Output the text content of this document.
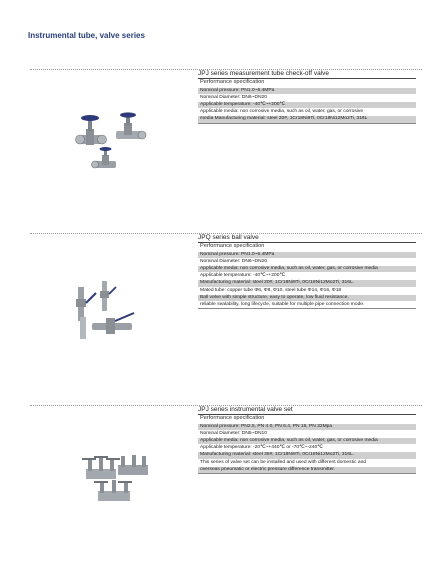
Instrumental tube, valve series
JPJ series measurement tube check-off valve
Performance specification
Nominal pressure: PN1.0~6.4MPa
Nominal Diameter: DN6~DN20
Applicable temperature: -40℃~+200℃
Applicable media: non corrosive media, such as oil, water, gas, or corrosive
media Manufacturing material: steel 20#, 1Cr18Ni9Ti, 0Cr18Ni12Mo2Ti, 316L
JPQ series ball valve
Performance specification
Nominal pressure: PN1.0~6.4MPa
Nominal Diameter: DN6~DN20
Applicable media: non corrosive media, such as oil, water, gas, or corrosive media
Applicable temperature: -40℃~+200℃
Manufacturing material: steel 20#, 1Cr18Ni9Ti, 0Cr18Ni12Mo2Ti, 316L.
Mated tube: copper tube Φ6, Φ8, Φ10, steel tube Φ14, Φ16, Φ18
Ball valve with simple structure, easy to operate, low fluid resistance,
reliable sealability, long lifecycle, suitable for multiple pipe connection mode.
JPJ series instrumental valve set
Performance specification
Nominal pressure: PN2.5, PN 4.0, PN 6.4, PN 16, PN 32Mpa
Nominal Diameter: DN5~DN10
Applicable media: non corrosive media, such as oil, water, gas, or corrosive media
Applicable temperature: -20℃~+440℃ or -70℃~-240℃
Manufacturing material: steel 35#, 1Cr18Ni9Ti, 0Cr18Ni12Mo2Ti, 316L.
This series of valve set can be installed and used with different domestic and
overseas pneumatic or electric pressure difference transmitter.
